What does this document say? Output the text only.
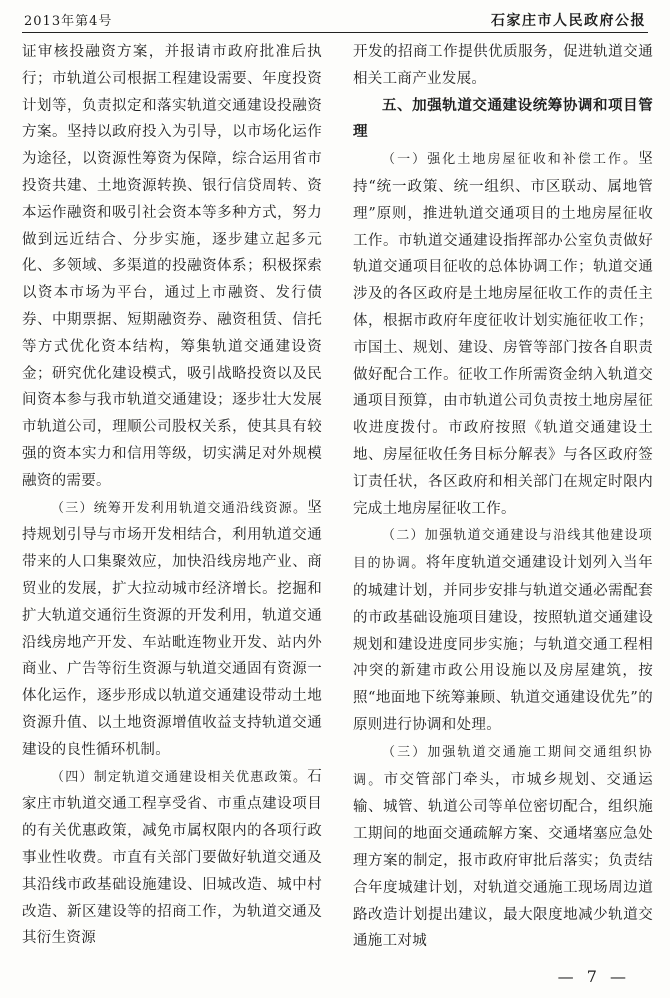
2013年第4号	石家庄市人民政府公报

证审核投融资方案，并报请市政府批准后执行；市轨道公司根据工程建设需要、年度投资计划等，负责拟定和落实轨道交通建设投融资方案。坚持以政府投入为引导，以市场化运作为途径，以资源性筹资为保障，综合运用省市投资共建、土地资源转换、银行信贷周转、资本运作融资和吸引社会资本等多种方式，努力做到远近结合、分步实施，逐步建立起多元化、多领域、多渠道的投融资体系；积极探索以资本市场为平台，通过上市融资、发行债券、中期票据、短期融资券、融资租赁、信托等方式优化资本结构，筹集轨道交通建设资金；研究优化建设模式，吸引战略投资以及民间资本参与我市轨道交通建设；逐步壮大发展市轨道公司，理顺公司股权关系，使其具有较强的资本实力和信用等级，切实满足对外规模融资的需要。

（三）统筹开发利用轨道交通沿线资源。坚持规划引导与市场开发相结合，利用轨道交通带来的人口集聚效应，加快沿线房地产业、商贸业的发展，扩大拉动城市经济增长。挖掘和扩大轨道交通衍生资源的开发利用，轨道交通沿线房地产开发、车站毗连物业开发、站内外商业、广告等衍生资源与轨道交通固有资源一体化运作，逐步形成以轨道交通建设带动土地资源升值、以土地资源增值收益支持轨道交通建设的良性循环机制。

（四）制定轨道交通建设相关优惠政策。石家庄市轨道交通工程享受省、市重点建设项目的有关优惠政策，减免市属权限内的各项行政事业性收费。市直有关部门要做好轨道交通及其沿线市政基础设施建设、旧城改造、城中村改造、新区建设等的招商工作，为轨道交通及其衍生资源

开发的招商工作提供优质服务，促进轨道交通相关工商产业发展。

五、加强轨道交通建设统筹协调和项目管理

（一）强化土地房屋征收和补偿工作。坚持“统一政策、统一组织、市区联动、属地管理”原则，推进轨道交通项目的土地房屋征收工作。市轨道交通建设指挥部办公室负责做好轨道交通项目征收的总体协调工作；轨道交通涉及的各区政府是土地房屋征收工作的责任主体，根据市政府年度征收计划实施征收工作；市国土、规划、建设、房管等部门按各自职责做好配合工作。征收工作所需资金纳入轨道交通项目预算，由市轨道公司负责按土地房屋征收进度拨付。市政府按照《轨道交通建设土地、房屋征收任务目标分解表》与各区政府签订责任状，各区政府和相关部门在规定时限内完成土地房屋征收工作。

（二）加强轨道交通建设与沿线其他建设项目的协调。将年度轨道交通建设计划列入当年的城建计划，并同步安排与轨道交通必需配套的市政基础设施项目建设，按照轨道交通建设规划和建设进度同步实施；与轨道交通工程相冲突的新建市政公用设施以及房屋建筑，按照“地面地下统筹兼顾、轨道交通建设优先”的原则进行协调和处理。

（三）加强轨道交通施工期间交通组织协调。市交管部门牵头，市城乡规划、交通运输、城管、轨道公司等单位密切配合，组织施工期间的地面交通疏解方案、交通堵塞应急处理方案的制定，报市政府审批后落实；负责结合年度城建计划，对轨道交通施工现场周边道路改造计划提出建议，最大限度地减少轨道交通施工对城

— 7 —
